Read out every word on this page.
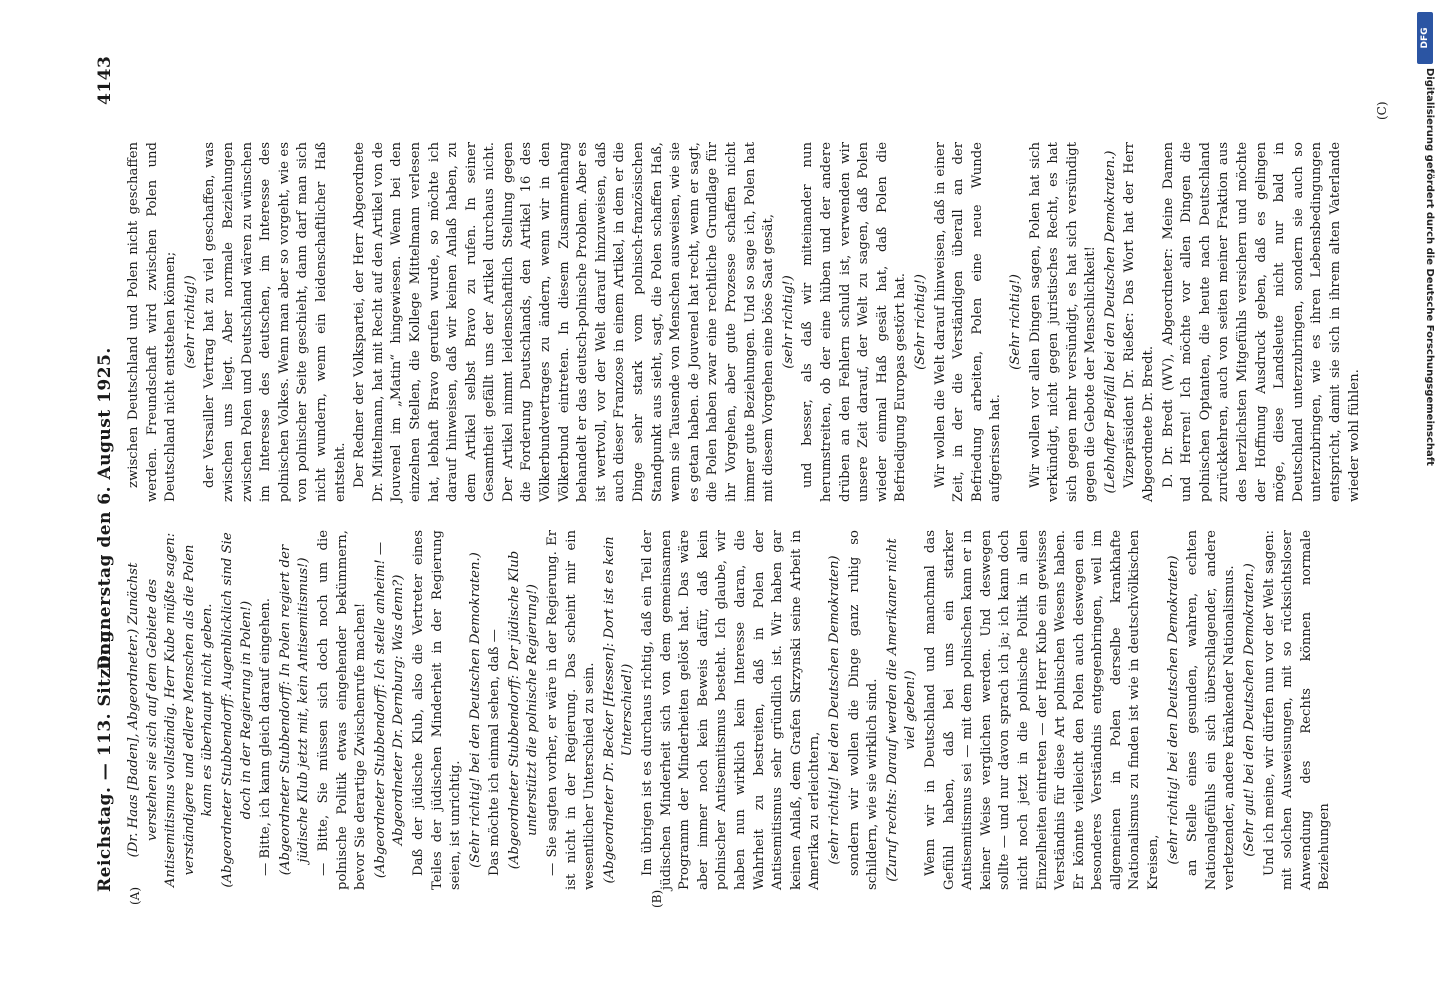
Reichstag. — 113. Sitzung.
Donnerstag den 6. August 1925.
4143
(A)	(B)
(C)

(Dr. Haas [Baden], Abgeordneter.) Zunächst verstehen sie sich auf dem Gebiete des Antisemitismus vollständig. Herr Kube müßte sagen: verständigere und edlere Menschen als die Polen kann es überhaupt nicht geben. (Abgeordneter Stubbendorff: Augenblicklich sind Sie doch in der Regierung in Polen!) — Bitte, ich kann gleich darauf eingehen. (Abgeordneter Stubbendorff: In Polen regiert der jüdische Klub jetzt mit, kein Antisemitismus!) — Bitte, Sie müssen sich doch noch um die polnische Politik etwas eingehender bekümmern, bevor Sie derartige Zwischenrufe machen! (Abgeordneter Stubbendorff: Ich stelle anheim! — Abgeordneter Dr. Dernburg: Was denn?) Daß der jüdische Klub, also die Vertreter eines Teiles der jüdischen Minderheit in der Regierung seien, ist unrichtig. (Sehr richtig! bei den Deutschen Demokraten.) Das möchte ich einmal sehen, daß — (Abgeordneter Stubbendorff: Der jüdische Klub unterstützt die polnische Regierung!) — Sie sagten vorher, er wäre in der Regierung. Er ist nicht in der Regierung. Das scheint mir ein wesentlicher Unterschied zu sein. (Abgeordneter Dr. Becker [Hessen]: Dort ist es kein Unterschied!) Im übrigen ist es durchaus richtig, daß ein Teil der jüdischen Minderheit sich von dem gemeinsamen Programm der Minderheiten gelöst hat. Das wäre aber immer noch kein Beweis dafür, daß kein polnischer Antisemitismus besteht. Ich glaube, wir haben nun wirklich kein Interesse daran, die Wahrheit zu bestreiten, daß in Polen der Antisemitismus sehr gründlich ist. Wir haben gar keinen Anlaß, dem Grafen Skrzynski seine Arbeit in Amerika zu erleichtern, (sehr richtig! bei den Deutschen Demokraten) sondern wir wollen die Dinge ganz ruhig so schildern, wie sie wirklich sind. (Zuruf rechts: Darauf werden die Amerikaner nicht viel geben!) Wenn wir in Deutschland und manchmal das Gefühl haben, daß bei uns ein starker Antisemitismus sei — mit dem polnischen kann er in keiner Weise verglichen werden. Und deswegen sollte — und nur davon sprach ich ja; ich kann doch nicht noch jetzt in die polnische Politik in allen Einzelheiten eintreten — der Herr Kube ein gewisses Verständnis für diese Art polnischen Wesens haben. Er könnte vielleicht den Polen auch deswegen ein besonderes Verständnis entgegenbringen, weil im allgemeinen in Polen derselbe krankhafte Nationalismus zu finden ist wie in deutschvölkischen Kreisen, (sehr richtig! bei den Deutschen Demokraten) an Stelle eines gesunden, wahren, echten Nationalgefühls ein sich überschlagender, andere verletzender, andere kränkender Nationalismus. (Sehr gut! bei den Deutschen Demokraten.) Und ich meine, wir dürfen nun vor der Welt sagen: mit solchen Ausweisungen, mit so rücksichtsloser Anwendung des Rechts können normale Beziehungen

zwischen Deutschland und Polen nicht geschaffen werden. Freundschaft wird zwischen Polen und Deutschland nicht entstehen können; (sehr richtig!) der Versailler Vertrag hat zu viel geschaffen, was zwischen uns liegt. Aber normale Beziehungen zwischen Polen und Deutschland wären zu wünschen im Interesse des deutschen, im Interesse des polnischen Volkes. Wenn man aber so vorgeht, wie es von polnischer Seite geschieht, dann darf man sich nicht wundern, wenn ein leidenschaftlicher Haß entsteht. Der Redner der Volkspartei, der Herr Abgeordnete Dr. Mittelmann, hat mit Recht auf den Artikel von de Jouvenel im „Matin“ hingewiesen. Wenn bei den einzelnen Stellen, die Kollege Mittelmann verlesen hat, lebhaft Bravo gerufen wurde, so möchte ich darauf hinweisen, daß wir keinen Anlaß haben, zu dem Artikel selbst Bravo zu rufen. In seiner Gesamtheit gefällt uns der Artikel durchaus nicht. Der Artikel nimmt leidenschaftlich Stellung gegen die Forderung Deutschlands, den Artikel 16 des Völkerbundvertrages zu ändern, wenn wir in den Völkerbund eintreten. In diesem Zusammenhang behandelt er das deutsch-polnische Problem. Aber es ist wertvoll, vor der Welt darauf hinzuweisen, daß auch dieser Franzose in einem Artikel, in dem er die Dinge sehr stark vom polnisch-französischen Standpunkt aus sieht, sagt, die Polen schaffen Haß, wenn sie Tausende von Menschen ausweisen, wie sie es getan haben. de Jouvenel hat recht, wenn er sagt, die Polen haben zwar eine rechtliche Grundlage für ihr Vorgehen, aber gute Prozesse schaffen nicht immer gute Beziehungen. Und so sage ich, Polen hat mit diesem Vorgehen eine böse Saat gesät, (sehr richtig!) und besser, als daß wir miteinander nun herumstreiten, ob der eine hüben und der andere drüben an den Fehlern schuld ist, verwenden wir unsere Zeit darauf, der Welt zu sagen, daß Polen wieder einmal Haß gesät hat, daß Polen die Befriedigung Europas gestört hat. (Sehr richtig!) Wir wollen die Welt darauf hinweisen, daß in einer Zeit, in der die Verständigen überall an der Befriedung arbeiten, Polen eine neue Wunde aufgerissen hat.

(Sehr richtig!) Wir wollen vor allen Dingen sagen, Polen hat sich verkündigt, nicht gegen juristisches Recht, es hat sich gegen mehr versündigt, es hat sich versündigt gegen die Gebote der Menschlichkeit! (Lebhafter Beifall bei den Deutschen Demokraten.) Vizepräsident Dr. Rießer: Das Wort hat der Herr Abgeordnete Dr. Bredt. D. Dr. Bredt (WV), Abgeordneter: Meine Damen und Herren! Ich möchte vor allen Dingen die polnischen Optanten, die heute nach Deutschland zurückkehren, auch von seiten meiner Fraktion aus des herzlichsten Mitgefühls versichern und möchte der Hoffnung Ausdruck geben, daß es gelingen möge, diese Landsleute nicht nur bald in Deutschland unterzubringen, sondern sie auch so unterzubringen, wie es ihren Lebensbedingungen entspricht, damit sie sich in ihrem alten Vaterlande wieder wohl fühlen.

DFG
Digitalisierung gefördert durch die Deutsche Forschungsgemeinschaft
